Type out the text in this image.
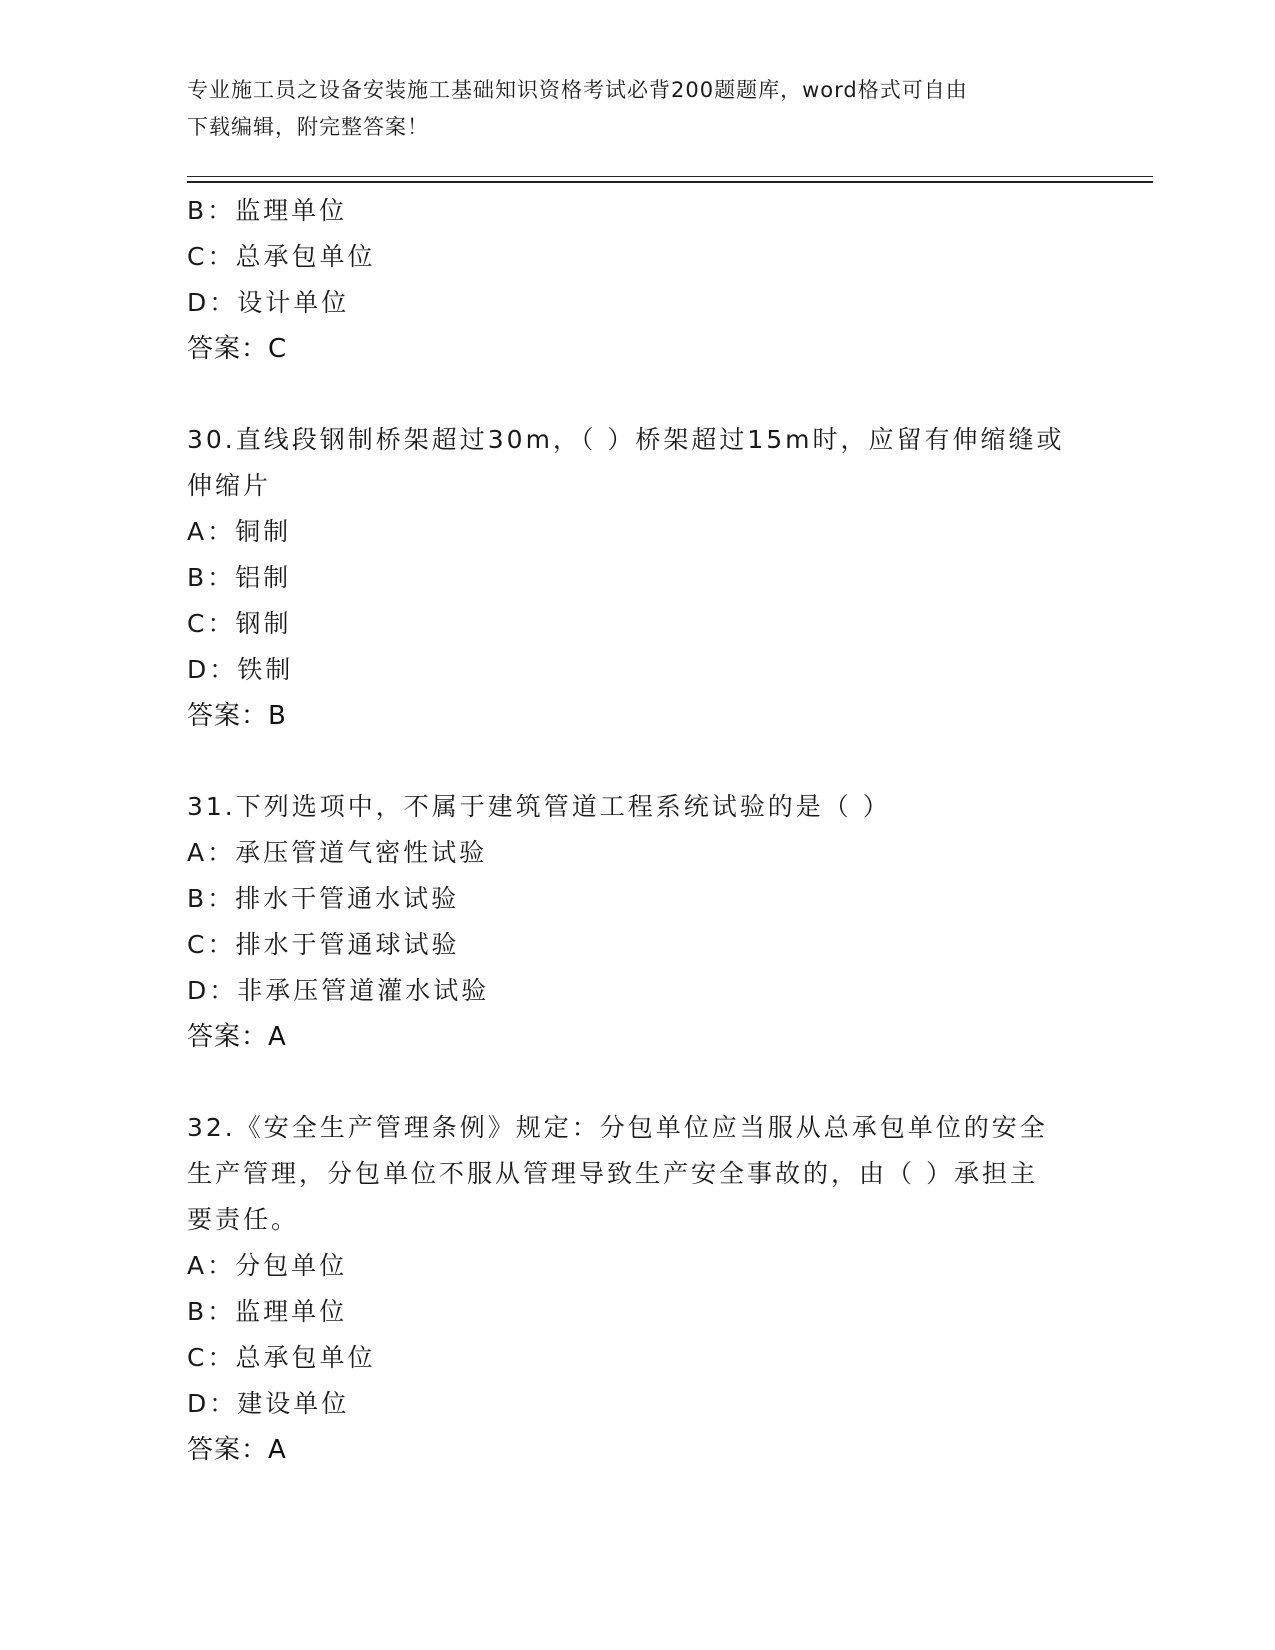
专业施工员之设备安装施工基础知识资格考试必背200题题库，word格式可自由
下载编辑，附完整答案！
B：监理单位
C：总承包单位
D：设计单位
答案：C
30.直线段钢制桥架超过30m，（ ）桥架超过15m时，应留有伸缩缝或
伸缩片
A：铜制
B：铝制
C：钢制
D：铁制
答案：B
31.下列选项中，不属于建筑管道工程系统试验的是（ ）
A：承压管道气密性试验
B：排水干管通水试验
C：排水于管通球试验
D：非承压管道灌水试验
答案：A
32.《安全生产管理条例》规定：分包单位应当服从总承包单位的安全
生产管理，分包单位不服从管理导致生产安全事故的，由（ ）承担主
要责任。
A：分包单位
B：监理单位
C：总承包单位
D：建设单位
答案：A
